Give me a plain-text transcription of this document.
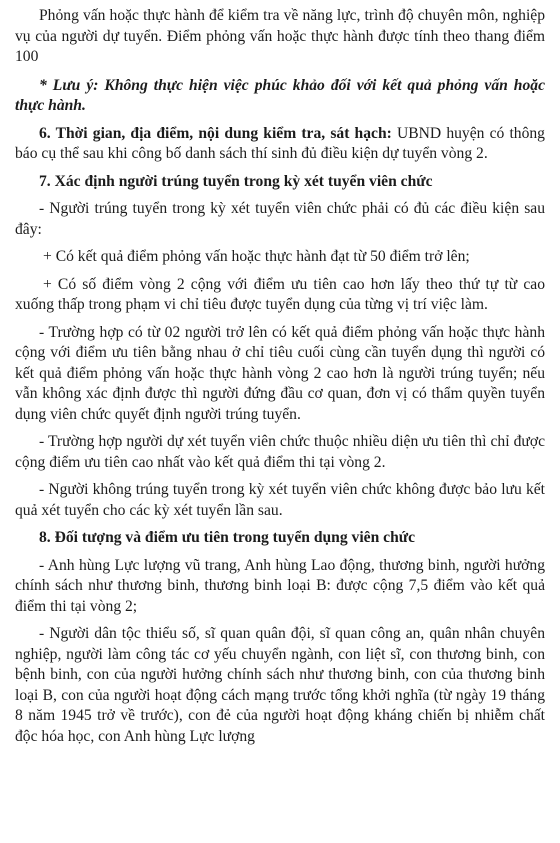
Phỏng vấn hoặc thực hành để kiểm tra về năng lực, trình độ chuyên môn, nghiệp vụ của người dự tuyển. Điểm phỏng vấn hoặc thực hành được tính theo thang điểm 100

* Lưu ý: Không thực hiện việc phúc khảo đối với kết quả phỏng vấn hoặc thực hành.

6. Thời gian, địa điểm, nội dung kiểm tra, sát hạch: UBND huyện có thông báo cụ thể sau khi công bố danh sách thí sinh đủ điều kiện dự tuyển vòng 2.

7. Xác định người trúng tuyển trong kỳ xét tuyển viên chức

- Người trúng tuyển trong kỳ xét tuyển viên chức phải có đủ các điều kiện sau đây:

+ Có kết quả điểm phỏng vấn hoặc thực hành đạt từ 50 điểm trở lên;

+ Có số điểm vòng 2 cộng với điểm ưu tiên cao hơn lấy theo thứ tự từ cao xuống thấp trong phạm vi chỉ tiêu được tuyển dụng của từng vị trí việc làm.

- Trường hợp có từ 02 người trở lên có kết quả điểm phỏng vấn hoặc thực hành cộng với điểm ưu tiên bằng nhau ở chỉ tiêu cuối cùng cần tuyển dụng thì người có kết quả điểm phỏng vấn hoặc thực hành vòng 2 cao hơn là người trúng tuyển; nếu vẫn không xác định được thì người đứng đầu cơ quan, đơn vị có thẩm quyền tuyển dụng viên chức quyết định người trúng tuyển.

- Trường hợp người dự xét tuyển viên chức thuộc nhiều diện ưu tiên thì chỉ được cộng điểm ưu tiên cao nhất vào kết quả điểm thi tại vòng 2.

- Người không trúng tuyển trong kỳ xét tuyển viên chức không được bảo lưu kết quả xét tuyển cho các kỳ xét tuyển lần sau.

8. Đối tượng và điểm ưu tiên trong tuyển dụng viên chức

- Anh hùng Lực lượng vũ trang, Anh hùng Lao động, thương binh, người hưởng chính sách như thương binh, thương binh loại B: được cộng 7,5 điểm vào kết quả điểm thi tại vòng 2;

- Người dân tộc thiểu số, sĩ quan quân đội, sĩ quan công an, quân nhân chuyên nghiệp, người làm công tác cơ yếu chuyển ngành, con liệt sĩ, con thương binh, con bệnh binh, con của người hưởng chính sách như thương binh, con của thương binh loại B, con của người hoạt động cách mạng trước tổng khởi nghĩa (từ ngày 19 tháng 8 năm 1945 trở về trước), con đẻ của người hoạt động kháng chiến bị nhiễm chất độc hóa học, con Anh hùng Lực lượng
